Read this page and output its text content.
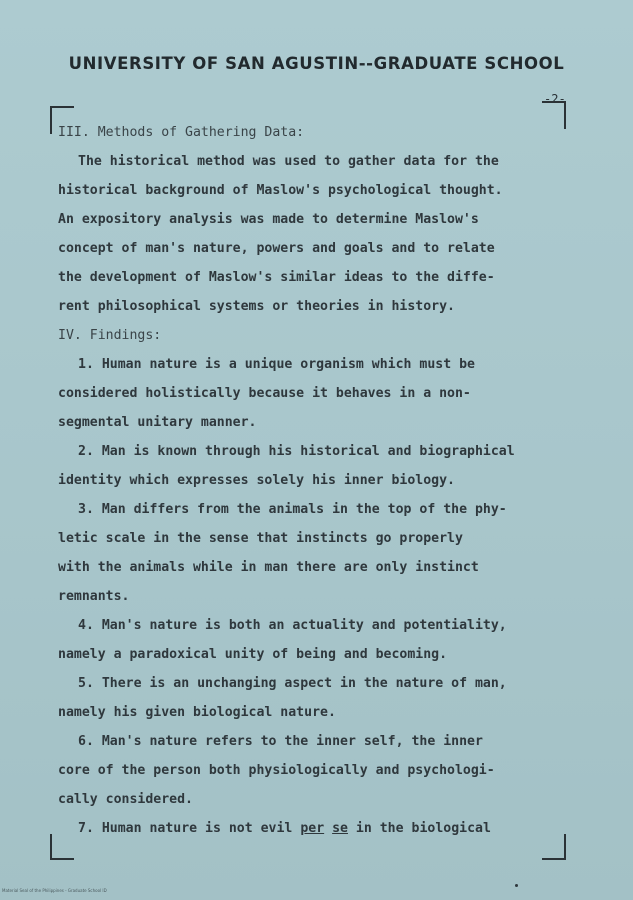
UNIVERSITY OF SAN AGUSTIN--GRADUATE SCHOOL
-2-
III. Methods of Gathering Data:
The historical method was used to gather data for the
historical background of Maslow's psychological thought.
An expository analysis was made to determine Maslow's
concept of man's nature, powers and goals and to relate
the development of Maslow's similar ideas to the diffe-
rent philosophical systems or theories in history.
IV. Findings:
1. Human nature is a unique organism which must be
considered holistically because it behaves in a non-
segmental unitary manner.
2. Man is known through his historical and biographical
identity which expresses solely his inner biology.
3. Man differs from the animals in the top of the phy-
letic scale in the sense that instincts go properly
with the animals while in man there are only instinct
remnants.
4. Man's nature is both an actuality and potentiality,
namely a paradoxical unity of being and becoming.
5. There is an unchanging aspect in the nature of man,
namely his given biological nature.
6. Man's nature refers to the inner self, the inner
core of the person both physiologically and psychologi-
cally considered.
7. Human nature is not evil per se in the biological
Material Seal of the Philippines - Graduate School ID
